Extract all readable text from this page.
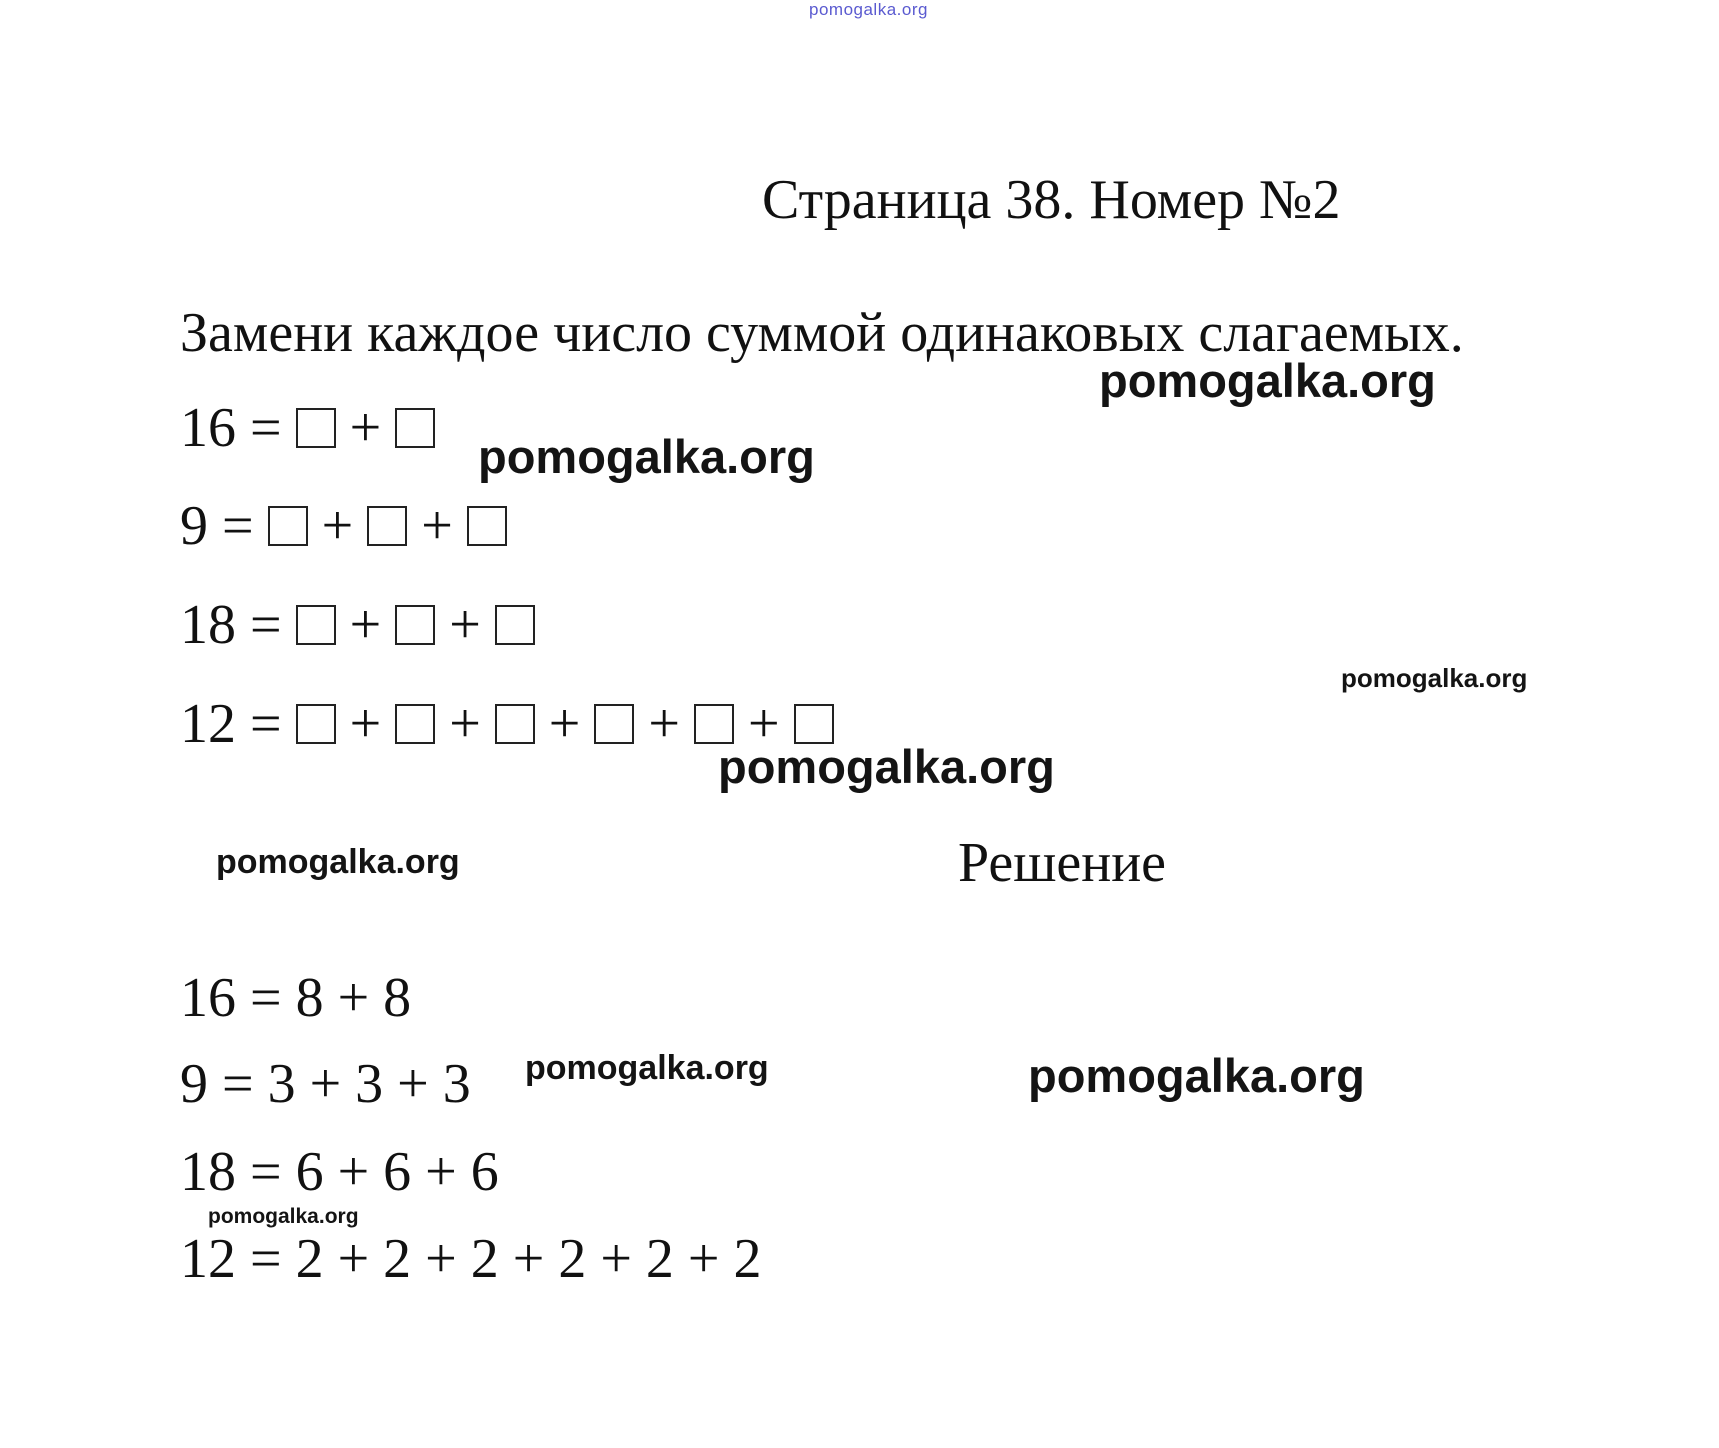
pomogalka.org
Страница 38. Номер №2
Замени каждое число суммой одинаковых слагаемых.
16 = +
9 = + +
18 = + +
12 = + + + + +
Решение
16 = 8 + 8
9 = 3 + 3 + 3
18 = 6 + 6 + 6
12 = 2 + 2 + 2 + 2 + 2 + 2
pomogalka.org
pomogalka.org
pomogalka.org
pomogalka.org
pomogalka.org
pomogalka.org	pomogalka.org
pomogalka.org
